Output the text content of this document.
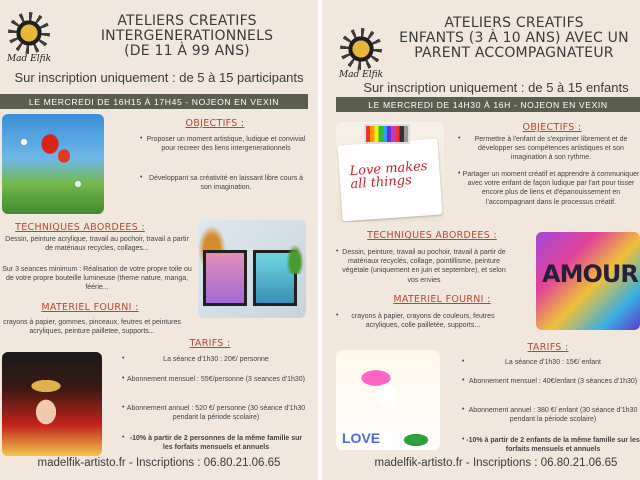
Mad Elfik
ATELIERS CREATIFS
INTERGENERATIONNELS
(DE 11 À 99 ANS)
Sur inscription uniquement : de 5 à 15 participants
LE MERCREDI DE 16H15 À 17H45 - NOJEON EN VEXIN
OBJECTIFS :
• Proposer un moment artistique, ludique et convivial pour recreer des liens intergenerationnels
• Développant sa créativité en laissant libre cours à son imagination.
TECHNIQUES ABORDEES :
Dessin, peinture acrylique, travail au pochoir, travail a partir de matériaux recycles, collages...
Sur 3 seances minimum : Réalisation de votre propre toile ou de votre propre bouteille lumineuse (theme nature, manga, féérie...
MATERIEL FOURNI :
crayons à papier, gommes, pinceaux, feutres et peintures acryliques, peinture pailletee, supports...
TARIFS :
•	La séance d'1h30 : 20€/ personne
• Abonnement mensuel : 55€/personne (3 seances d'1h30)
• Abonnement annuel : 520 €/ personne (30 séance d'1h30 pendant la période scolaire)
• -10% à partir de 2 personnes de la même famille sur les forfaits mensuels et annuels
madelfik-artisto.fr - Inscriptions : 06.80.21.06.65
Mad Elfik
ATELIERS CREATIFS
ENFANTS (3 À 10 ANS) AVEC UN
PARENT ACCOMPAGNATEUR
Sur inscription uniquement : de 5 à 15 enfants
LE MERCREDI DE 14H30 À 16H - NOJEON EN VEXIN
Love makes all things
OBJECTIFS :
•	Permettre à l'enfant de s'exprimer librement et de développer ses compétences artistiques et son imagination à son rythme.
• Partager un moment créatif et apprendre à communiquer avec votre enfant de façon ludique par l'art pour tisser encore plus de liens et d'épanouissement en l'accompagnant dans le processus créatif.
TECHNIQUES ABORDEES :
• Dessin, peinture, travail au pochoir, travail à partir de matériaux recyclés, collage, pointillisme, peinture végétale (uniquement en juin et septembre), et selon vos envies	AMOUR
MATERIEL FOURNI :
•	crayons à papier, crayons de couleurs, feutres acryliques, colle pailletée, supports...
LOVE
TARIFS :
•	La séance d'1h30 : 15€/ enfant
• Abonnement mensuel : 40€/enfant (3 séances d'1h30)
• Abonnement annuel : 380 €/ enfant (30 séance d'1h30 pendant la période scolaire)
• -10% à partir de 2 enfants de la même famille sur les forfaits mensuels et annuels
madelfik-artisto.fr - Inscriptions : 06.80.21.06.65
